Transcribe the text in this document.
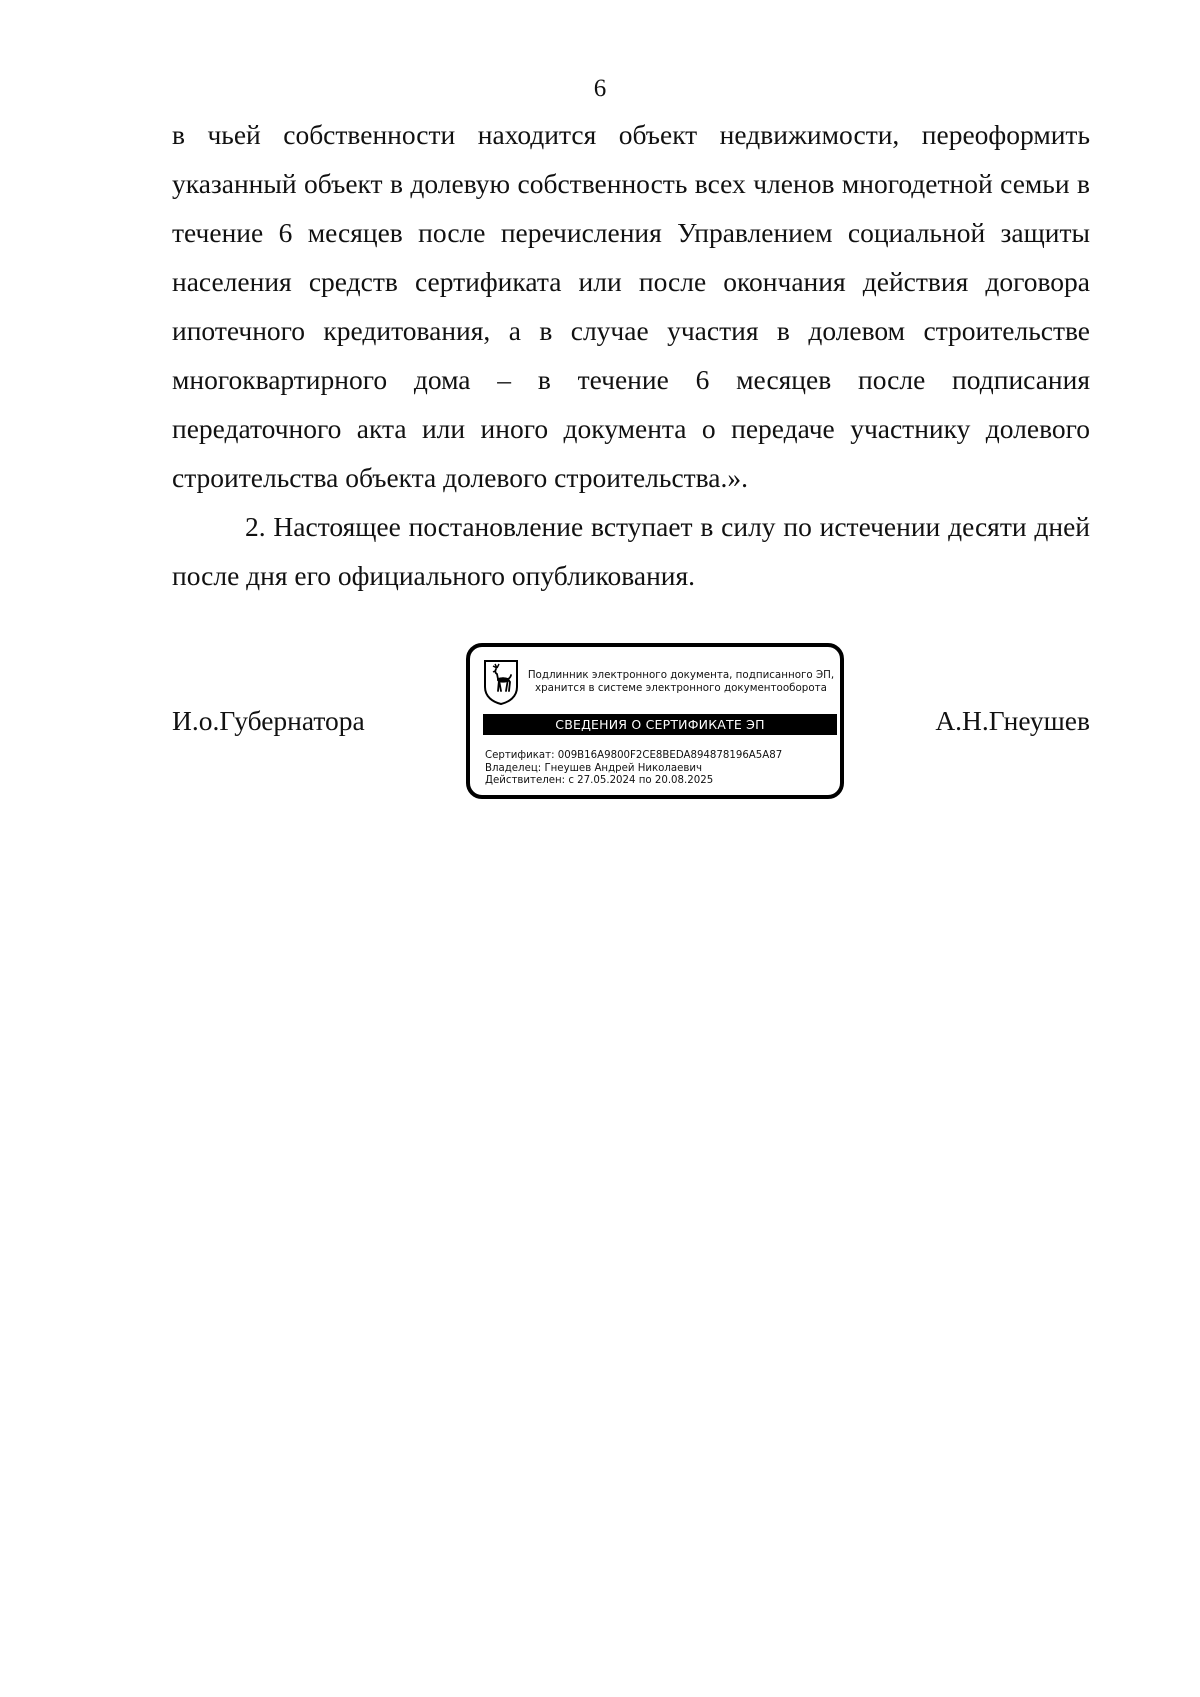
6

в чьей собственности находится объект недвижимости, переоформить указанный объект в долевую собственность всех членов многодетной семьи в течение 6 месяцев после перечисления Управлением социальной защиты населения средств сертификата или после окончания действия договора ипотечного кредитования, а в случае участия в долевом строительстве многоквартирного дома – в течение 6 месяцев после подписания передаточного акта или иного документа о передаче участнику долевого строительства объекта долевого строительства.».

2. Настоящее постановление вступает в силу по истечении десяти дней после дня его официального опубликования.

И.о.Губернатора
Подлинник электронного документа, подписанного ЭП,
хранится в системе электронного документооборота
СВЕДЕНИЯ О СЕРТИФИКАТЕ ЭП
Сертификат: 009B16A9800F2CE8BEDA894878196A5A87
Владелец: Гнеушев Андрей Николаевич
Действителен: с 27.05.2024 по 20.08.2025
А.Н.Гнеушев
